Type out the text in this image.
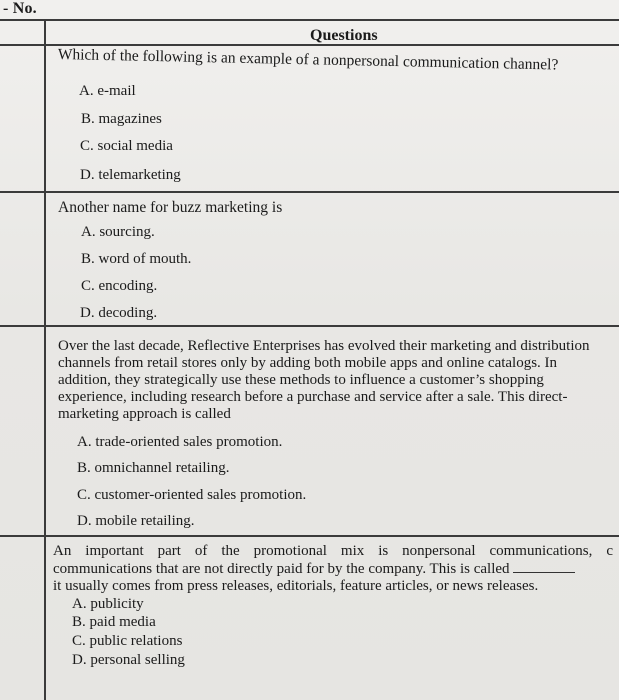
- No.
Questions
Which of the following is an example of a nonpersonal communication channel?
A. e-mail
B. magazines
C. social media
D. telemarketing
Another name for buzz marketing is
A. sourcing.
B. word of mouth.
C. encoding.
D. decoding.
Over the last decade, Reflective Enterprises has evolved their marketing and distribution channels from retail stores only by adding both mobile apps and online catalogs. In addition, they strategically use these methods to influence a customer’s shopping experience, including research before a purchase and service after a sale. This direct-marketing approach is called
A. trade-oriented sales promotion.
B. omnichannel retailing.
C. customer-oriented sales promotion.
D. mobile retailing.
An important part of the promotional mix is nonpersonal communications, c communications that are not directly paid for by the company. This is called
it usually comes from press releases, editorials, feature articles, or news releases.
A. publicity
B. paid media
C. public relations
D. personal selling
